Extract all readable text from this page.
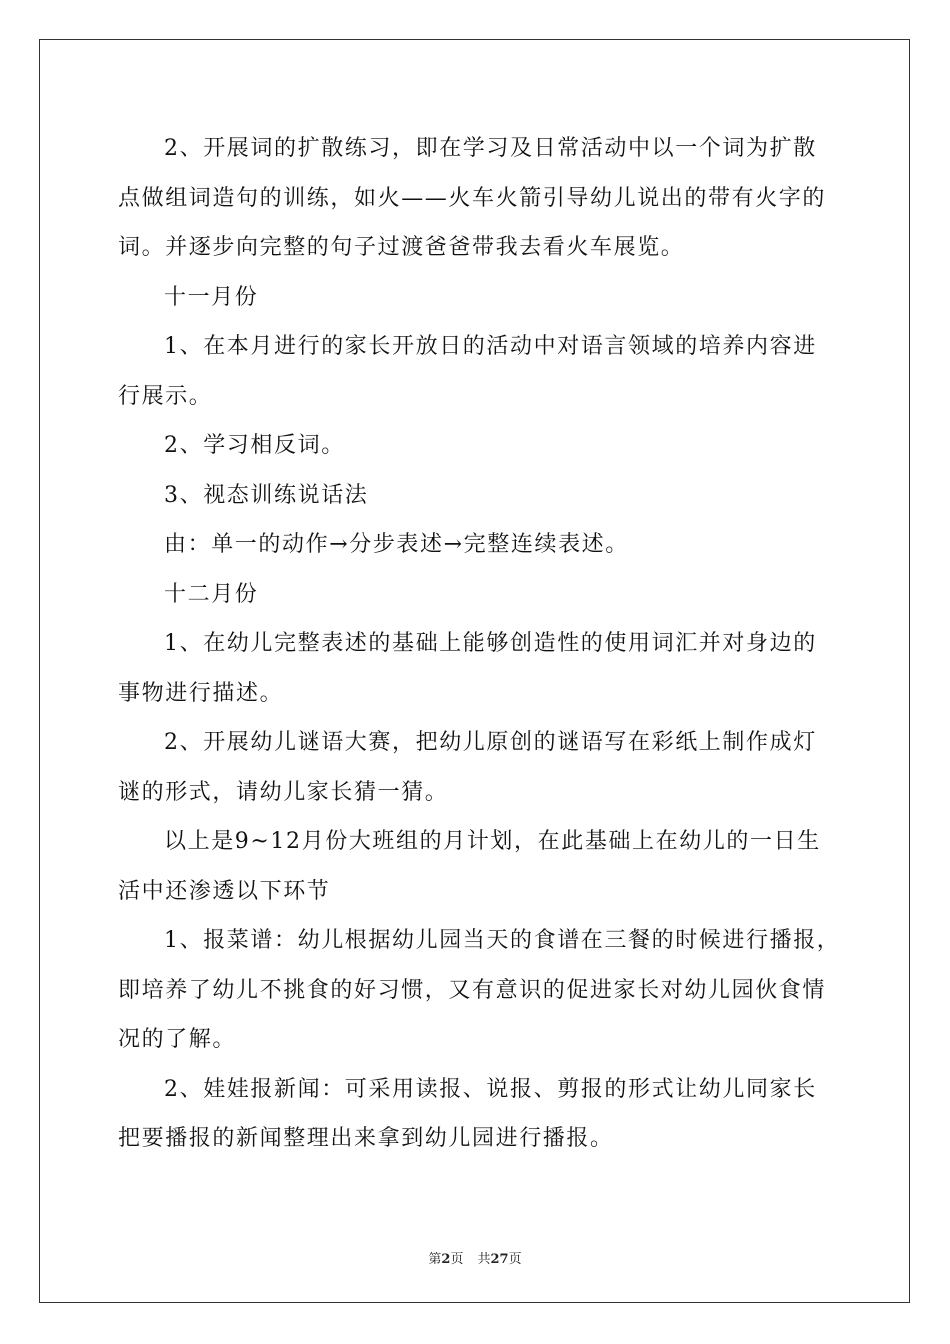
2、开展词的扩散练习，即在学习及日常活动中以一个词为扩散

点做组词造句的训练，如火——火车火箭引导幼儿说出的带有火字的

词。并逐步向完整的句子过渡爸爸带我去看火车展览。

十一月份

1、在本月进行的家长开放日的活动中对语言领域的培养内容进

行展示。

2、学习相反词。

3、视态训练说话法

由：单一的动作→分步表述→完整连续表述。

十二月份

1、在幼儿完整表述的基础上能够创造性的使用词汇并对身边的

事物进行描述。

2、开展幼儿谜语大赛，把幼儿原创的谜语写在彩纸上制作成灯

谜的形式，请幼儿家长猜一猜。

以上是9~12月份大班组的月计划，在此基础上在幼儿的一日生

活中还渗透以下环节

1、报菜谱：幼儿根据幼儿园当天的食谱在三餐的时候进行播报，

即培养了幼儿不挑食的好习惯，又有意识的促进家长对幼儿园伙食情

况的了解。

2、娃娃报新闻：可采用读报、说报、剪报的形式让幼儿同家长

把要播报的新闻整理出来拿到幼儿园进行播报。

第2页 共27页
